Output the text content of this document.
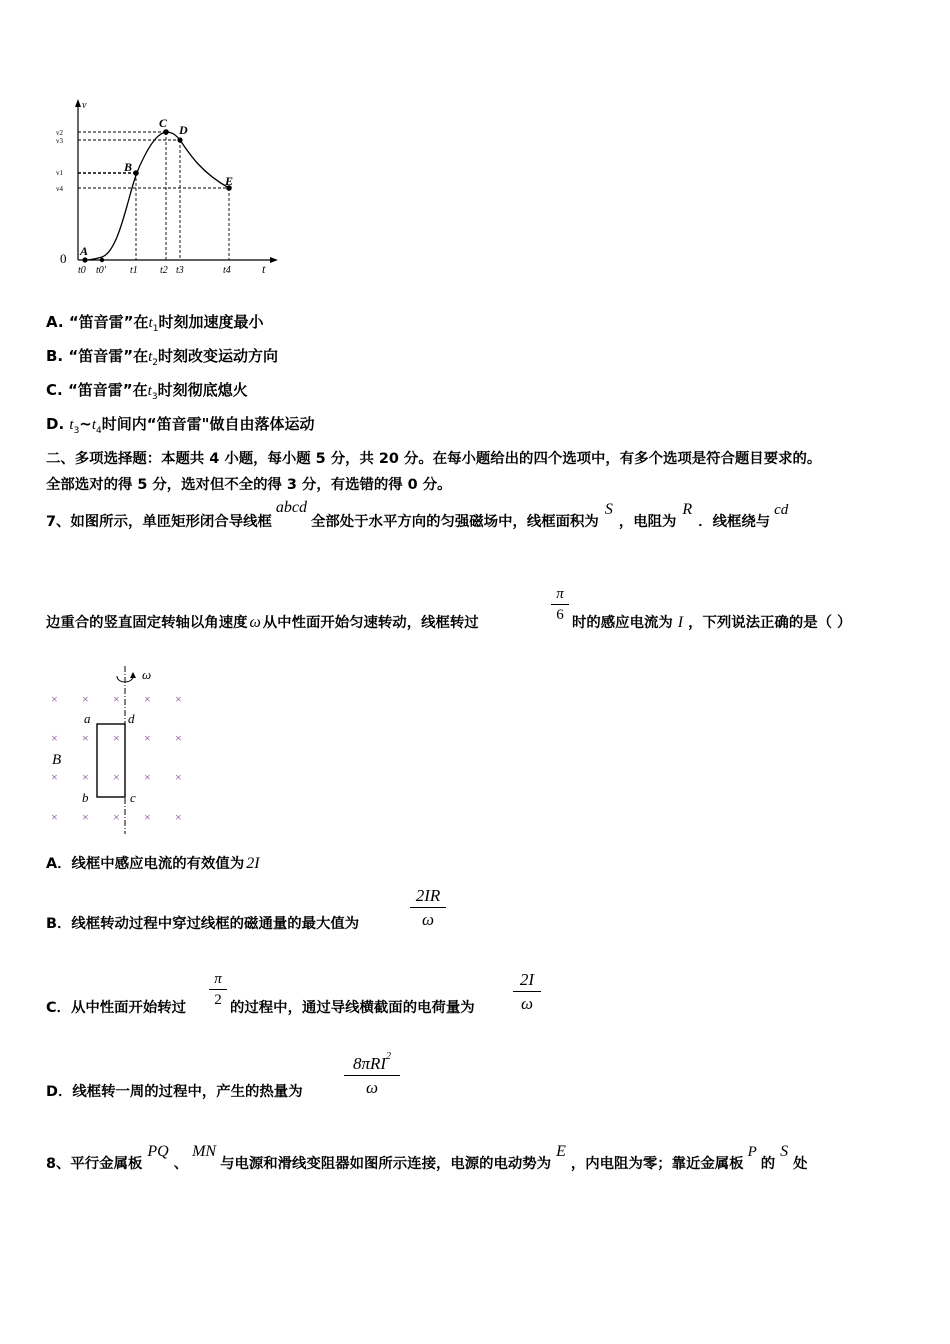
v
t
0 A
B
C D
E
v2
v3
v1
v4
t0 t0' t1 t2 t3	t4
A. “笛音雷”在$t_1$时刻加速度最小
B. “笛音雷”在$t_2$时刻改变运动方向
C. “笛音雷”在$t_3$时刻彻底熄火
D. $t_3\sim t_4$时间内“笛音雷"做自由落体运动
二、多项选择题：本题共 4 小题，每小题 5 分，共 20 分。在每小题给出的四个选项中，有多个选项是符合题目要求的。
全部选对的得 5 分，选对但不全的得 3 分，有选错的得 0 分。
7、如图所示，单匝矩形闭合导线框abcd全部处于水平方向的匀强磁场中，线框面积为S，电阻为R．线框绕与cd
边重合的竖直固定转轴以角速度 ω 从中性面开始匀速转动，线框转过	$\frac{\pi}{6}$ 时的感应电流为 I ，下列说法正确的是（ ）
× × × × ×
× × × × ×
× × × × ×
× × × × ×
ω
a	d
b	c
B
A．线框中感应电流的有效值为 2I
B．线框转动过程中穿过线框的磁通量的最大值为	$\frac{2IR}{\omega}$
C．从中性面开始转过 $\frac{\pi}{2}$ 的过程中，通过导线横截面的电荷量为 $\frac{2I}{\omega}$
D．线框转一周的过程中，产生的热量为
8πRI$^2$
ω
8、平行金属板PQ、MN与电源和滑线变阻器如图所示连接，电源的电动势为E，内电阻为零；靠近金属板P的S处
